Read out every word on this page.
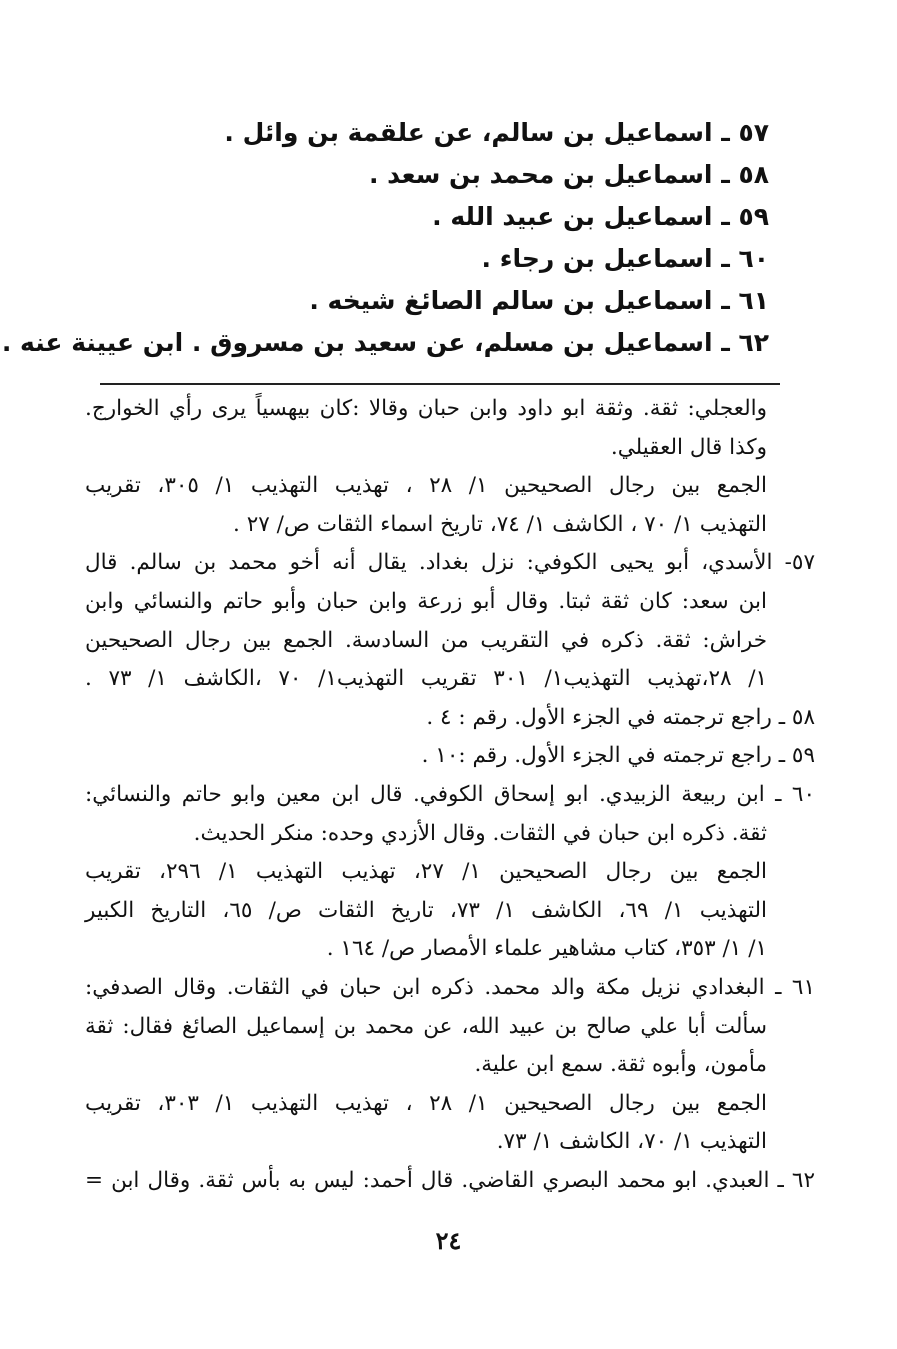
٥٧ ـ اسماعيل بن سالم، عن علقمة بن وائل .
٥٨ ـ اسماعيل بن محمد بن سعد .
٥٩ ـ اسماعيل بن عبيد الله .
٦٠ ـ اسماعيل بن رجاء .
٦١ ـ اسماعيل بن سالم الصائغ شيخه .
٦٢ ـ اسماعيل بن مسلم، عن سعيد بن مسروق . ابن عيينة عنه .
والعجلي: ثقة. وثقة ابو داود وابن حبان وقالا :كان بيهسياً يرى رأي الخوارج.
وكذا قال العقيلي.
الجمع بين رجال الصحيحين ١/ ٢٨ ، تهذيب التهذيب ١/ ٣٠٥، تقريب
التهذيب ١/ ٧٠ ، الكاشف ١/ ٧٤، تاريخ اسماء الثقات ص/ ٢٧ .
٥٧- الأسدي، أبو يحيى الكوفي: نزل بغداد. يقال أنه أخو محمد بن سالم. قال
ابن سعد: كان ثقة ثبتا. وقال أبو زرعة وابن حبان وأبو حاتم والنسائي وابن
خراش: ثقة. ذكره في التقريب من السادسة. الجمع بين رجال الصحيحين
١/ ٢٨،تهذيب التهذيب١/ ٣٠١ تقريب التهذيب١/ ٧٠ ،الكاشف ١/ ٧٣ .
٥٨ ـ راجع ترجمته في الجزء الأول. رقم : ٤ .
٥٩ ـ راجع ترجمته في الجزء الأول. رقم :١٠ .
٦٠ ـ ابن ربيعة الزبيدي. ابو إسحاق الكوفي. قال ابن معين وابو حاتم والنسائي:
ثقة. ذكره ابن حبان في الثقات. وقال الأزدي وحده: منكر الحديث.
الجمع بين رجال الصحيحين ١/ ٢٧، تهذيب التهذيب ١/ ٢٩٦، تقريب
التهذيب ١/ ٦٩، الكاشف ١/ ٧٣، تاريخ الثقات ص/ ٦٥، التاريخ الكبير
١/ ١/ ٣٥٣، كتاب مشاهير علماء الأمصار ص/ ١٦٤ .
٦١ ـ البغدادي نزيل مكة والد محمد. ذكره ابن حبان في الثقات. وقال الصدفي:
سألت أبا علي صالح بن عبيد الله، عن محمد بن إسماعيل الصائغ فقال: ثقة
مأمون، وأبوه ثقة. سمع ابن علية.
الجمع بين رجال الصحيحين ١/ ٢٨ ، تهذيب التهذيب ١/ ٣٠٣، تقريب
التهذيب ١/ ٧٠، الكاشف ١/ ٧٣.
٦٢ ـ العبدي. ابو محمد البصري القاضي. قال أحمد: ليس به بأس ثقة. وقال ابن =
٢٤
